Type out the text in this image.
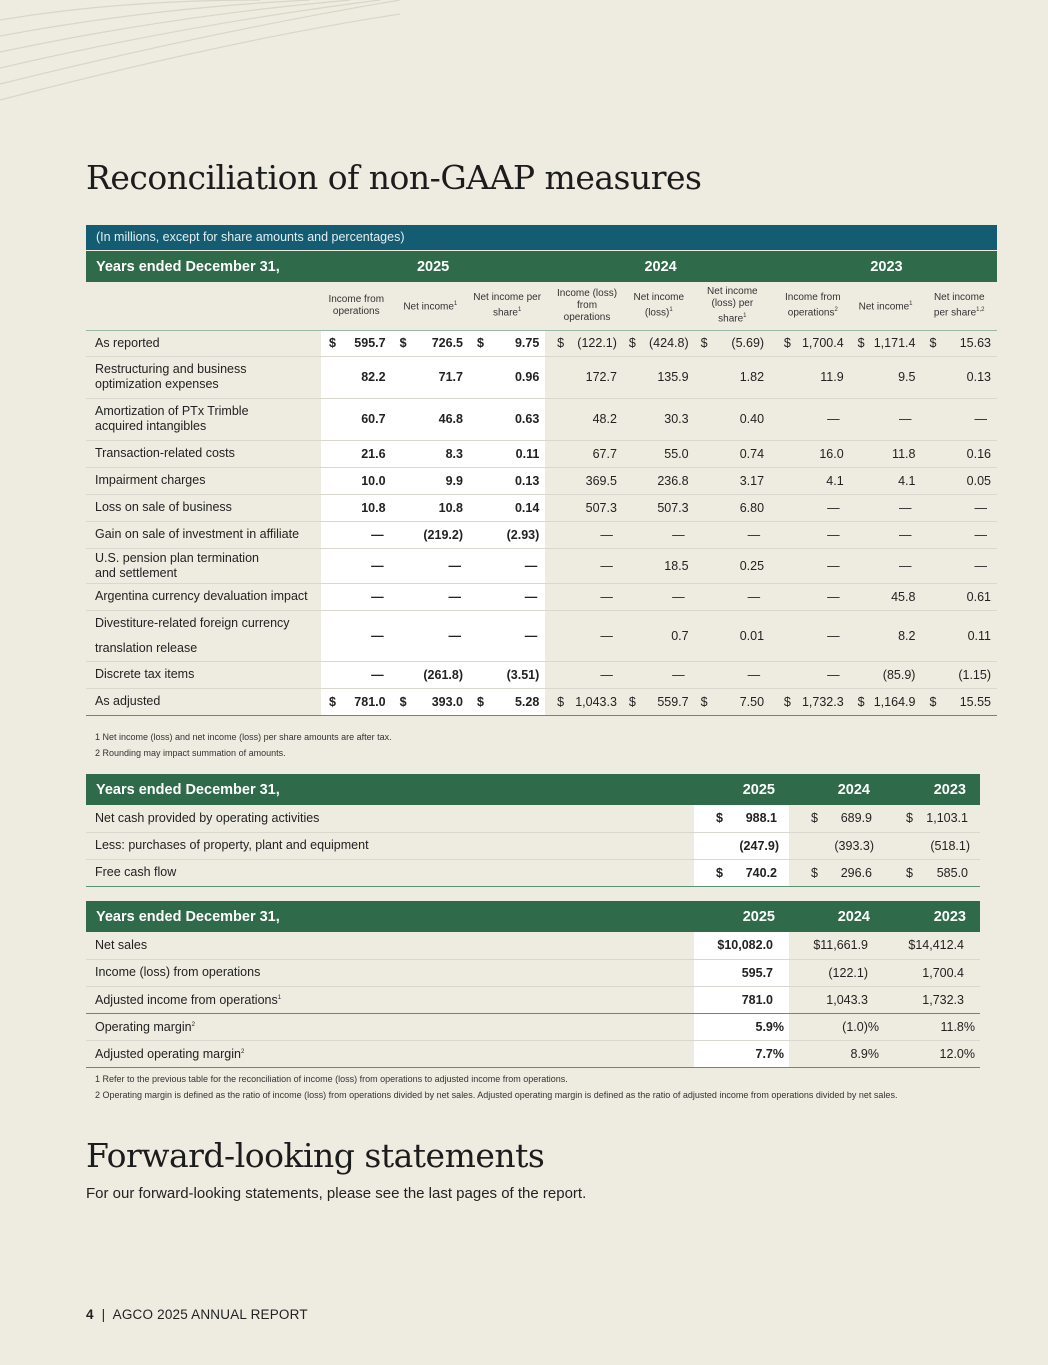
Reconciliation of non-GAAP measures
(In millions, except for share amounts and percentages)
Years ended December 31,	2025				2024				2023		
	Income from operations	Net income$^1$	Net income per share$^1$		Income (loss) from operations	Net income (loss)$^1$	Net income (loss) per share$^1$		Income from operations$^2$	Net income$^1$	Net income per share$^{1,2}$
As reported	$ 595.7	$ 726.5	$ 9.75		$ (122.1)	$ (424.8)	$ (5.69)		$ 1,700.4	$ 1,171.4	$ 15.63

Restructuring and business optimization expenses	82.2	71.7	0.96		172.7	135.9	1.82		11.9	9.5	0.13
Amortization of PTx Trimble acquired intangibles	60.7	46.8	0.63		48.2	30.3	0.40		—	—	—
Transaction-related costs	21.6	8.3	0.11		67.7	55.0	0.74		16.0	11.8	0.16
Impairment charges	10.0	9.9	0.13		369.5	236.8	3.17		4.1	4.1	0.05
Loss on sale of business	10.8	10.8	0.14		507.3	507.3	6.80		—	—	—
Gain on sale of investment in affiliate	—	(219.2)	(2.93)		—	—	—		—	—	—
U.S. pension plan termination and settlement	—	—	—		—	18.5	0.25		—	—	—
Argentina currency devaluation impact	—	—	—		—	—	—		—	45.8	0.61
Divestiture-related foreign currency translation release	—	—	—		—	0.7	0.01		—	8.2	0.11
Discrete tax items	—	(261.8)	(3.51)		—	—	—		—	(85.9)	(1.15)
As adjusted	$ 781.0	$ 393.0	$ 5.28		$ 1,043.3	$ 559.7	$ 7.50		$ 1,732.3	$ 1,164.9	$ 15.55
1 Net income (loss) and net income (loss) per share amounts are after tax.
2 Rounding may impact summation of amounts.
Years ended December 31,	2025	2024	2023
Net cash provided by operating activities	$ 988.1	$ 689.9	$ 1,103.1

Less: purchases of property, plant and equipment	(247.9)	(393.3)	(518.1)
Free cash flow	$ 740.2	$ 296.6	$ 585.0
Years ended December 31,	2025	2024	2023
Net sales	$10,082.0	$11,661.9	$14,412.4
Income (loss) from operations	595.7	(122.1)	1,700.4
Adjusted income from operations$^1$	781.0	1,043.3	1,732.3
Operating margin$^2$	5.9%	(1.0)%	11.8%
Adjusted operating margin$^2$	7.7%	8.9%	12.0%
1 Refer to the previous table for the reconciliation of income (loss) from operations to adjusted income from operations.
2 Operating margin is defined as the ratio of income (loss) from operations divided by net sales. Adjusted operating margin is defined as the ratio of adjusted income from operations divided by net sales.
Forward-looking statements
For our forward-looking statements, please see the last pages of the report.
4 | AGCO 2025 ANNUAL REPORT
